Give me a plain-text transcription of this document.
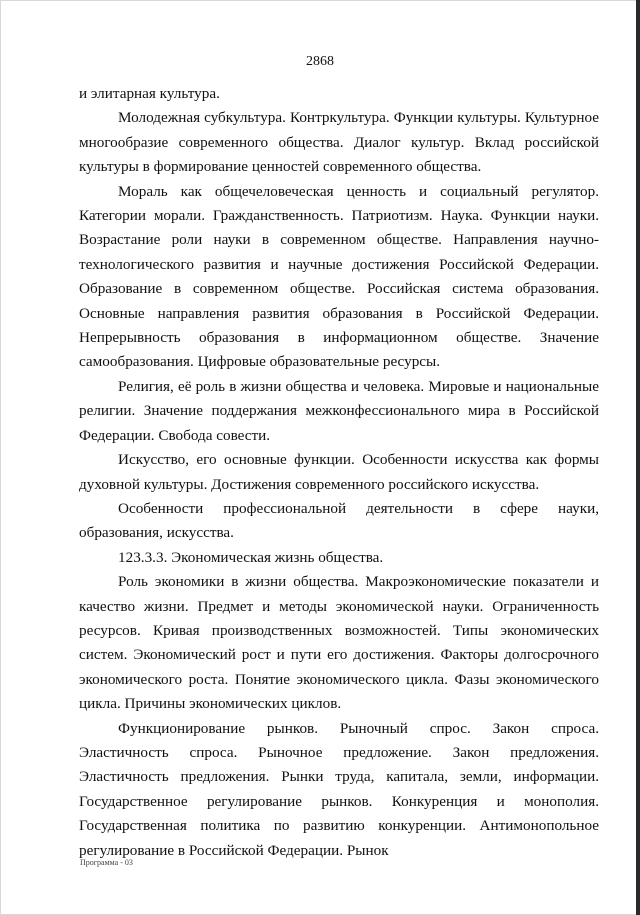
2868

и элитарная культура.

Молодежная субкультура. Контркультура. Функции культуры. Культурное многообразие современного общества. Диалог культур. Вклад российской культуры в формирование ценностей современного общества.

Мораль как общечеловеческая ценность и социальный регулятор. Категории морали. Гражданственность. Патриотизм. Наука. Функции науки. Возрастание роли науки в современном обществе. Направления научно-технологического развития и научные достижения Российской Федерации. Образование в современном обществе. Российская система образования. Основные направления развития образования в Российской Федерации. Непрерывность образования в информационном обществе. Значение самообразования. Цифровые образовательные ресурсы.

Религия, её роль в жизни общества и человека. Мировые и национальные религии. Значение поддержания межконфессионального мира в Российской Федерации. Свобода совести.

Искусство, его основные функции. Особенности искусства как формы духовной культуры. Достижения современного российского искусства.

Особенности профессиональной деятельности в сфере науки, образования, искусства.

123.3.3. Экономическая жизнь общества.

Роль экономики в жизни общества. Макроэкономические показатели и качество жизни. Предмет и методы экономической науки. Ограниченность ресурсов. Кривая производственных возможностей. Типы экономических систем. Экономический рост и пути его достижения. Факторы долгосрочного экономического роста. Понятие экономического цикла. Фазы экономического цикла. Причины экономических циклов.

Функционирование рынков. Рыночный спрос. Закон спроса. Эластичность спроса. Рыночное предложение. Закон предложения. Эластичность предложения. Рынки труда, капитала, земли, информации. Государственное регулирование рынков. Конкуренция и монополия. Государственная политика по развитию конкуренции. Антимонопольное регулирование в Российской Федерации. Рынок

Программа - 03
